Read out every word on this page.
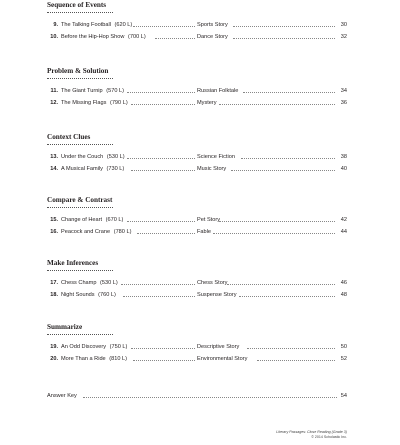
Sequence of Events
9. The Talking Football (620 L)	Sports Story	30
10. Before the Hip-Hop Show (700 L)	Dance Story	32
Problem & Solution
11. The Giant Turnip (570 L)	Russian Folktale	34
12. The Missing Flags (790 L)	Mystery	36
Context Clues
13. Under the Couch (530 L)	Science Fiction	38
14. A Musical Family (730 L)	Music Story	40
Compare & Contrast
15. Change of Heart (670 L)	Pet Story	42
16. Peacock and Crane (780 L)	Fable	44
Make Inferences
17. Chess Champ (530 L)	Chess Story	46
18. Night Sounds (760 L)	Suspense Story	48
Summarize
19. An Odd Discovery (750 L)	Descriptive Story	50
20. More Than a Ride (810 L)	Environmental Story	52
Answer Key	54
Literary Passages: Close Reading (Grade 3)
© 2014 Scholastic Inc.
